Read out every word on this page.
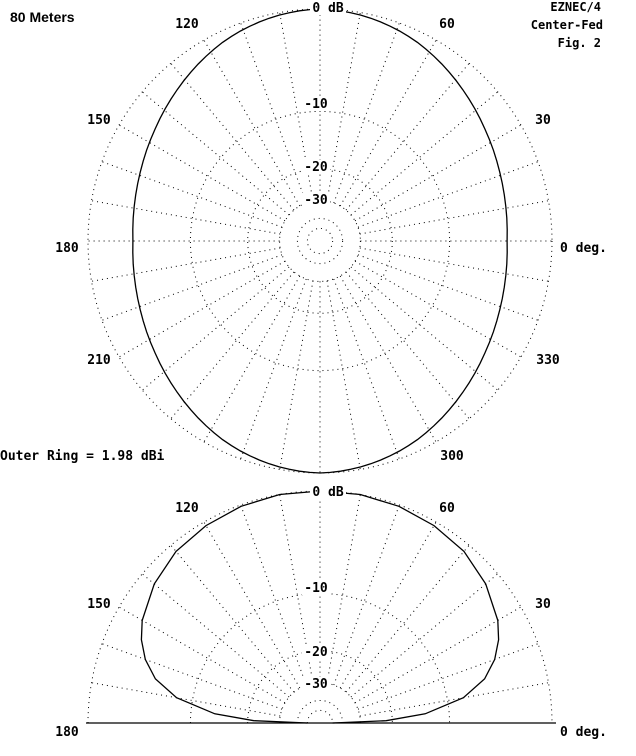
80 Meters
EZNEC/4
Center-Fed
Fig. 2
Outer Ring = 1.98 dBi
0 dB
-10
-20
-30
0 deg.
30
60
120
150
180
210
300
330
0 dB
-10
-20
-30
0 deg.
30
60
120
150
180
